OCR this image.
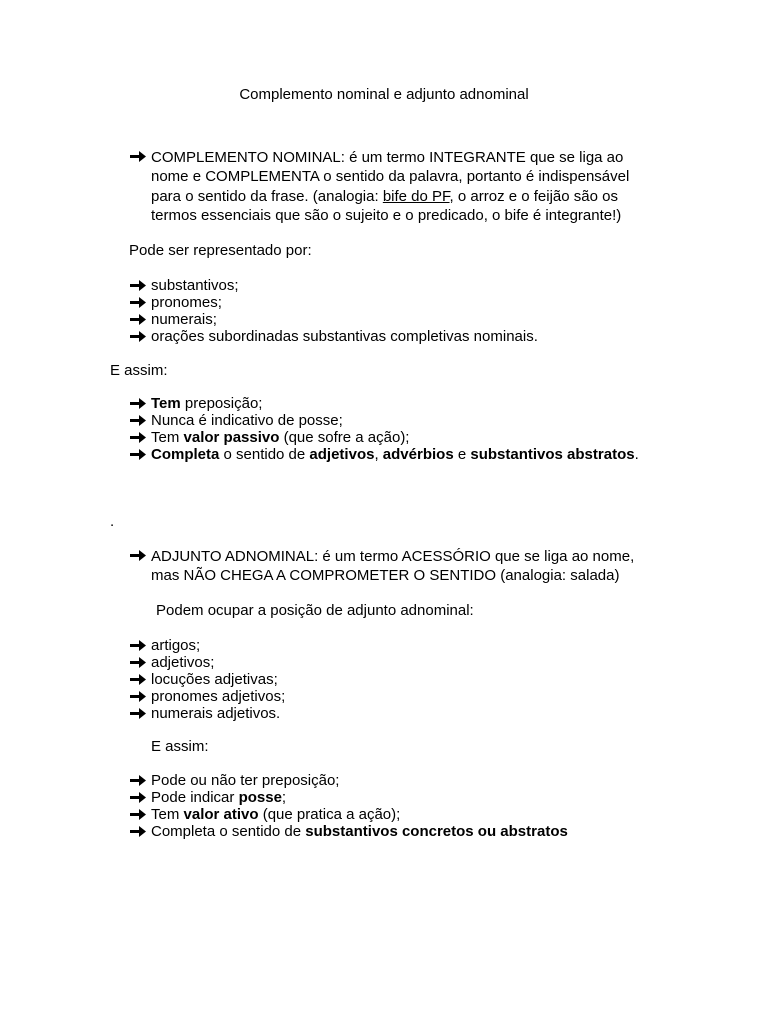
Complemento nominal e adjunto adnominal
COMPLEMENTO NOMINAL: é um termo INTEGRANTE que se liga ao
nome e COMPLEMENTA o sentido da palavra, portanto é indispensável
para o sentido da frase. (analogia: bife do PF, o arroz e o feijão são os
termos essenciais que são o sujeito e o predicado, o bife é integrante!)
Pode ser representado por:
substantivos;
pronomes;
numerais;
orações subordinadas substantivas completivas nominais.
E assim:
Tem preposição;
Nunca é indicativo de posse;
Tem valor passivo (que sofre a ação);
Completa o sentido de adjetivos, advérbios e substantivos abstratos.
.
ADJUNTO ADNOMINAL: é um termo ACESSÓRIO que se liga ao nome,
mas NÃO CHEGA A COMPROMETER O SENTIDO (analogia: salada)
Podem ocupar a posição de adjunto adnominal:
artigos;
adjetivos;
locuções adjetivas;
pronomes adjetivos;
numerais adjetivos.
E assim:
Pode ou não ter preposição;
Pode indicar posse;
Tem valor ativo (que pratica a ação);
Completa o sentido de substantivos concretos ou abstratos
